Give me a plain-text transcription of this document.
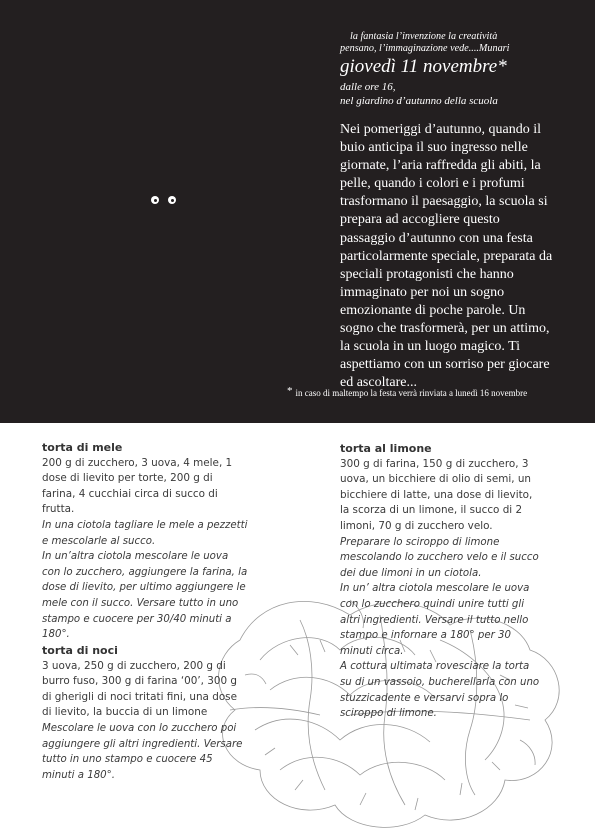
la fantasia l’invenzione la creatività
pensano, l’immaginazione vede....Munari
giovedì 11 novembre*
dalle ore 16,
nel giardino d’autunno della scuola

Nei pomeriggi d’autunno, quando il buio anticipa il suo ingresso nelle giornate, l’aria raffredda gli abiti, la pelle, quando i colori e i profumi trasformano il paesaggio, la scuola si prepara ad accogliere questo passaggio d’autunno con una festa particolarmente speciale, preparata da speciali protagonisti che hanno immaginato per noi un sogno emozionante di poche parole. Un sogno che trasformerà, per un attimo, la scuola in un luogo magico. Ti aspettiamo con un sorriso per giocare ed ascoltare...

* in caso di maltempo la festa verrà rinviata a lunedì 16 novembre
torta di mele
200 g di zucchero, 3 uova, 4 mele, 1 dose di lievito per torte, 200 g di farina, 4 cucchiai circa di succo di frutta.
In una ciotola tagliare le mele a pezzetti e mescolarle al succo.
In un’altra ciotola mescolare le uova con lo zucchero, aggiungere la farina, la dose di lievito, per ultimo aggiungere le mele con il succo. Versare tutto in uno stampo e cuocere per 30/40 minuti a 180°.
torta di noci
3 uova, 250 g di zucchero, 200 g di burro fuso, 300 g di farina ‘00’, 300 g di gherigli di noci tritati fini, una dose di lievito, la buccia di un limone
Mescolare le uova con lo zucchero poi aggiungere gli altri ingredienti. Versare tutto in uno stampo e cuocere 45 minuti a 180°.
torta al limone
300 g di farina, 150 g di zucchero, 3 uova, un bicchiere di olio di semi, un bicchiere di latte, una dose di lievito, la scorza di un limone, il succo di 2 limoni, 70 g di zucchero velo.
Preparare lo sciroppo di limone mescolando lo zucchero velo e il succo dei due limoni in un ciotola.
In un’ altra ciotola mescolare le uova con lo zucchero quindi unire tutti gli altri ingredienti. Versare il tutto nello stampo e infornare a 180° per 30 minuti circa.
A cottura ultimata rovesciare la torta su di un vassoio, bucherellarla con uno stuzzicadente e versarvi sopra lo sciroppo di limone.
